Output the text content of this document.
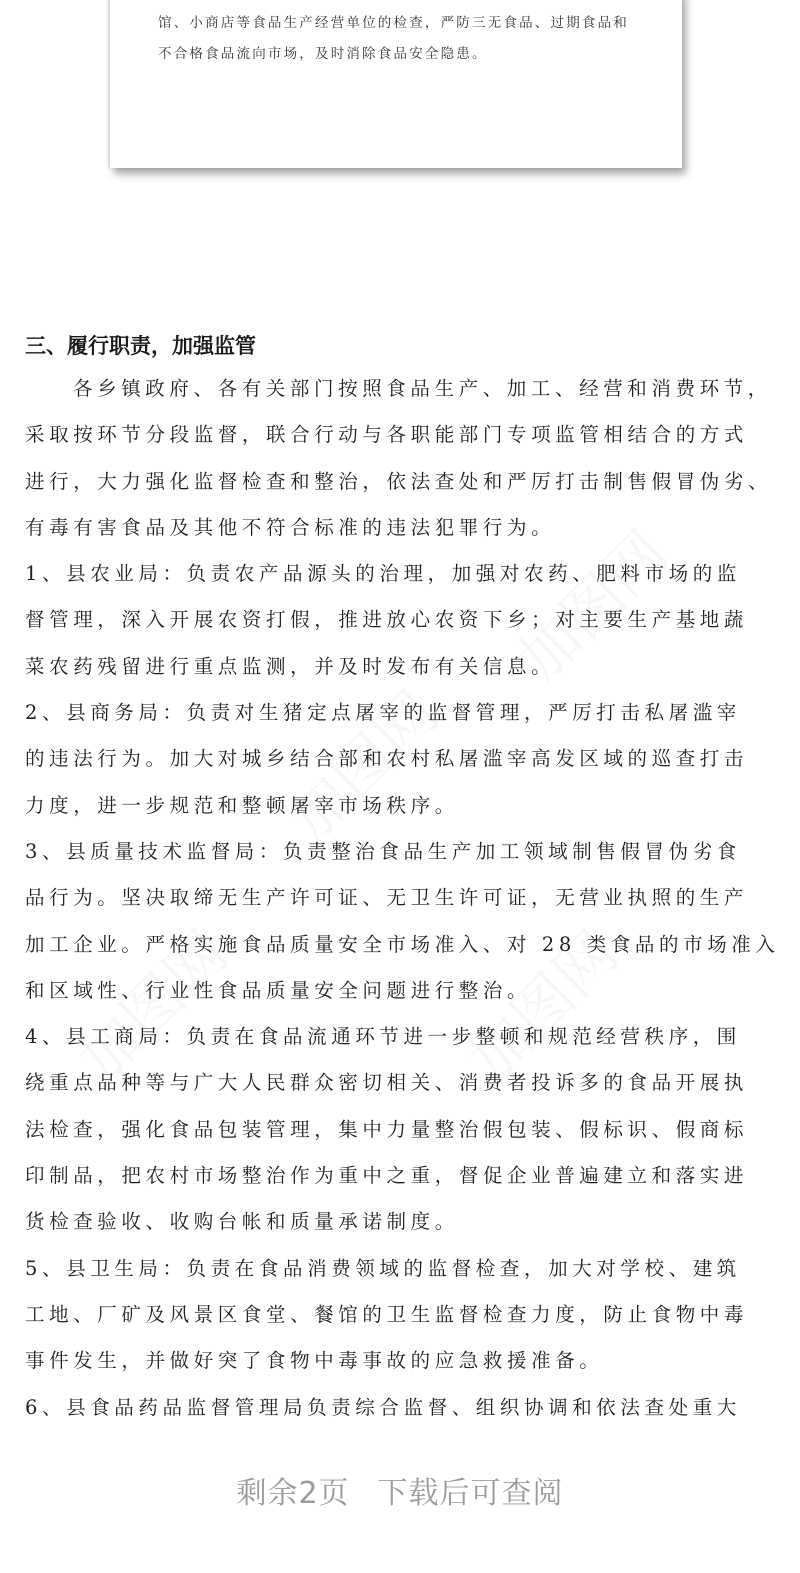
馆、小商店等食品生产经营单位的检查，严防三无食品、过期食品和
不合格食品流向市场，及时消除食品安全隐患。
三、履行职责，加强监管
各乡镇政府、各有关部门按照食品生产、加工、经营和消费环节，
采取按环节分段监督，联合行动与各职能部门专项监管相结合的方式
进行，大力强化监督检查和整治，依法查处和严厉打击制售假冒伪劣、
有毒有害食品及其他不符合标准的违法犯罪行为。
1、县农业局：负责农产品源头的治理，加强对农药、肥料市场的监
督管理，深入开展农资打假，推进放心农资下乡；对主要生产基地蔬
菜农药残留进行重点监测，并及时发布有关信息。
2、县商务局：负责对生猪定点屠宰的监督管理，严厉打击私屠滥宰
的违法行为。加大对城乡结合部和农村私屠滥宰高发区域的巡查打击
力度，进一步规范和整顿屠宰市场秩序。
3、县质量技术监督局：负责整治食品生产加工领域制售假冒伪劣食
品行为。坚决取缔无生产许可证、无卫生许可证，无营业执照的生产
加工企业。严格实施食品质量安全市场准入、对 28 类食品的市场准入
和区域性、行业性食品质量安全问题进行整治。
4、县工商局：负责在食品流通环节进一步整顿和规范经营秩序，围
绕重点品种等与广大人民群众密切相关、消费者投诉多的食品开展执
法检查，强化食品包装管理，集中力量整治假包装、假标识、假商标
印制品，把农村市场整治作为重中之重，督促企业普遍建立和落实进
货检查验收、收购台帐和质量承诺制度。
5、县卫生局：负责在食品消费领域的监督检查，加大对学校、建筑
工地、厂矿及风景区食堂、餐馆的卫生监督检查力度，防止食物中毒
事件发生，并做好突了食物中毒事故的应急救援准备。
6、县食品药品监督管理局负责综合监督、组织协调和依法查处重大
剩余2页 下载后可查阅
